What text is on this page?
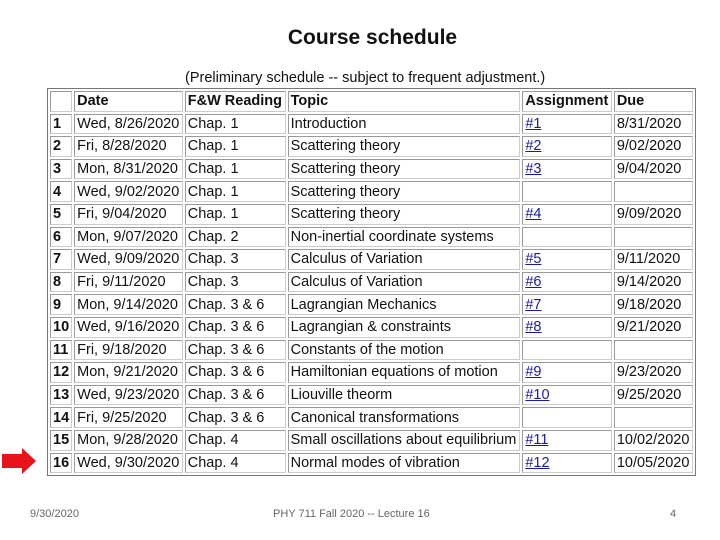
Course schedule
(Preliminary schedule -- subject to frequent adjustment.)
	Date	F&W Reading	Topic	Assignment	Due
1	Wed, 8/26/2020	Chap. 1	Introduction	#1	8/31/2020
2	Fri, 8/28/2020	Chap. 1	Scattering theory	#2	9/02/2020
3	Mon, 8/31/2020	Chap. 1	Scattering theory	#3	9/04/2020
4	Wed, 9/02/2020	Chap. 1	Scattering theory		
5	Fri, 9/04/2020	Chap. 1	Scattering theory	#4	9/09/2020
6	Mon, 9/07/2020	Chap. 2	Non-inertial coordinate systems		
7	Wed, 9/09/2020	Chap. 3	Calculus of Variation	#5	9/11/2020
8	Fri, 9/11/2020	Chap. 3	Calculus of Variation	#6	9/14/2020
9	Mon, 9/14/2020	Chap. 3 & 6	Lagrangian Mechanics	#7	9/18/2020
10	Wed, 9/16/2020	Chap. 3 & 6	Lagrangian & constraints	#8	9/21/2020
11	Fri, 9/18/2020	Chap. 3 & 6	Constants of the motion		
12	Mon, 9/21/2020	Chap. 3 & 6	Hamiltonian equations of motion	#9	9/23/2020
13	Wed, 9/23/2020	Chap. 3 & 6	Liouville theorm	#10	9/25/2020
14	Fri, 9/25/2020	Chap. 3 & 6	Canonical transformations		
15	Mon, 9/28/2020	Chap. 4	Small oscillations about equilibrium	#11	10/02/2020
16	Wed, 9/30/2020	Chap. 4	Normal modes of vibration	#12	10/05/2020
9/30/2020	PHY 711 Fall 2020 -- Lecture 16	4
